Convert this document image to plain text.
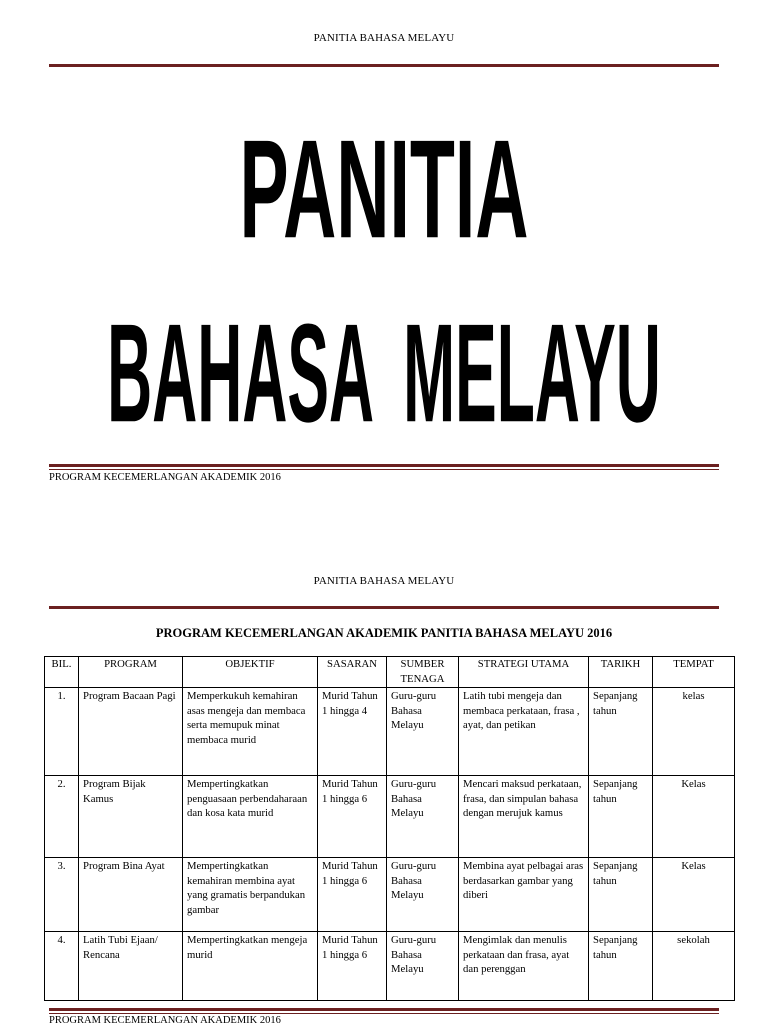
PANITIA BAHASA MELAYU
PANITIA
BAHASA MELAYU
PROGRAM KECEMERLANGAN AKADEMIK 2016
PANITIA BAHASA MELAYU
PROGRAM KECEMERLANGAN AKADEMIK PANITIA BAHASA MELAYU 2016
BIL.	PROGRAM	OBJEKTIF	SASARAN	SUMBER TENAGA	STRATEGI UTAMA	TARIKH	TEMPAT
1.	Program Bacaan Pagi	Memperkukuh kemahiran asas mengeja dan membaca serta memupuk minat membaca murid	Murid Tahun 1 hingga 4	Guru-guru Bahasa Melayu	Latih tubi mengeja dan membaca perkataan, frasa , ayat, dan petikan	Sepanjang tahun	kelas
2.	Program Bijak Kamus	Mempertingkatkan penguasaan perbendaharaan dan kosa kata murid	Murid Tahun 1 hingga 6	Guru-guru Bahasa Melayu	Mencari maksud perkataan, frasa, dan simpulan bahasa dengan merujuk kamus	Sepanjang tahun	Kelas
3.	Program Bina Ayat	Mempertingkatkan kemahiran membina ayat yang gramatis berpandukan gambar	Murid Tahun 1 hingga 6	Guru-guru Bahasa Melayu	Membina ayat pelbagai aras berdasarkan gambar yang diberi	Sepanjang tahun	Kelas
4.	Latih Tubi Ejaan/ Rencana	Mempertingkatkan mengeja murid	Murid Tahun 1 hingga 6	Guru-guru Bahasa Melayu	Mengimlak dan menulis perkataan dan frasa, ayat dan perenggan	Sepanjang tahun	sekolah
PROGRAM KECEMERLANGAN AKADEMIK 2016
